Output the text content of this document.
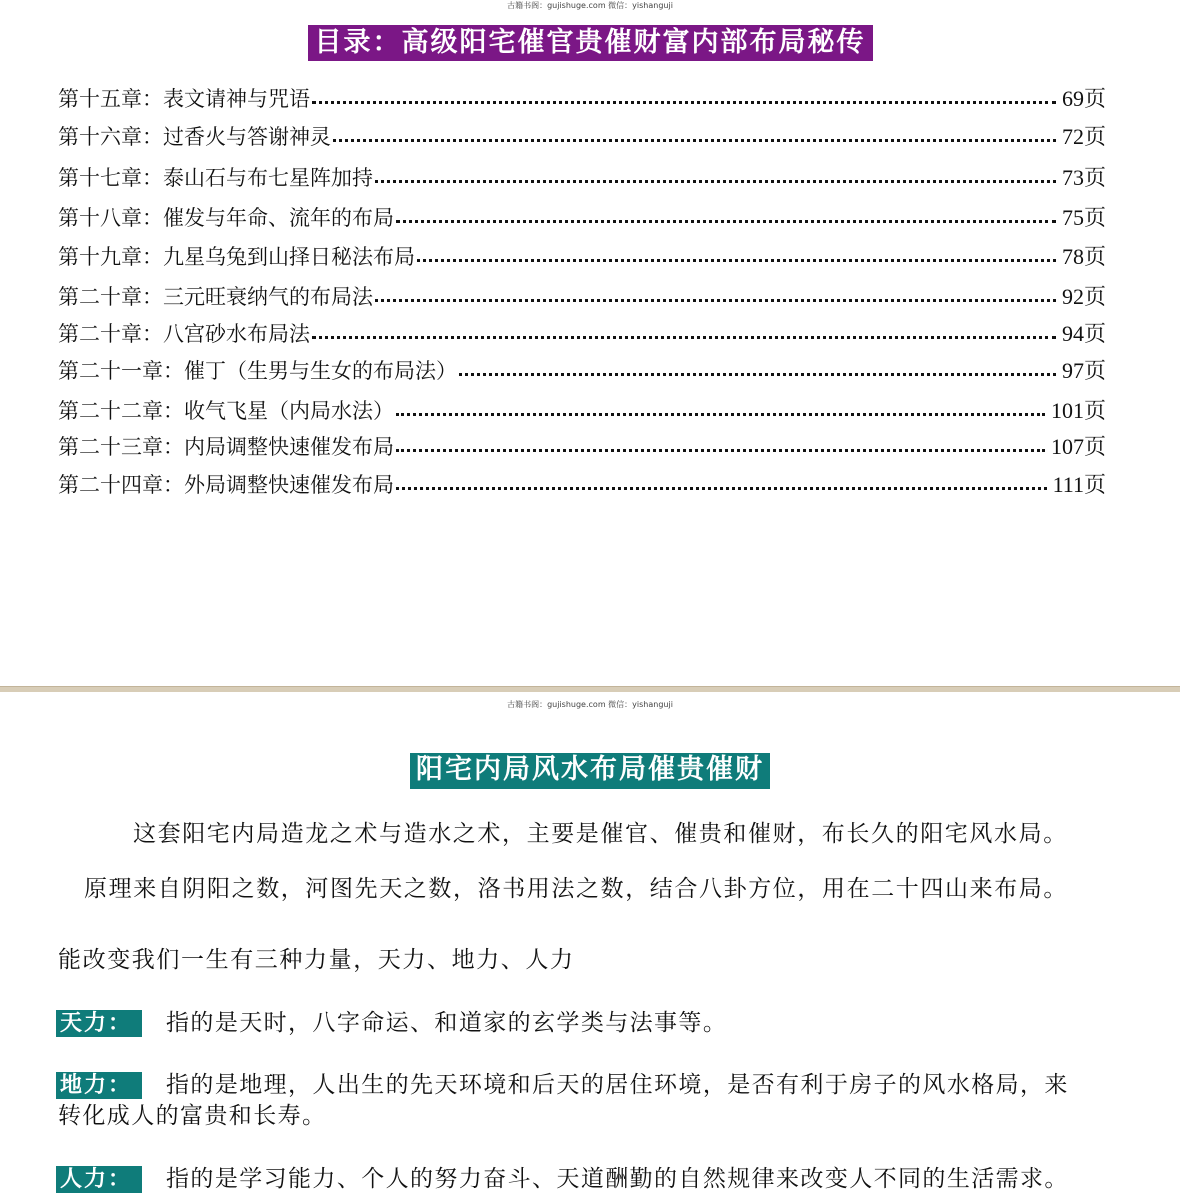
古籍书阁：gujishuge.com 微信：yishanguji
目录：高级阳宅催官贵催财富内部布局秘传
第十五章：表文请神与咒语	69页
第十六章：过香火与答谢神灵	72页
第十七章：泰山石与布七星阵加持	73页
第十八章：催发与年命、流年的布局	75页
第十九章：九星乌兔到山择日秘法布局	78页
第二十章：三元旺衰纳气的布局法	92页
第二十章：八宫砂水布局法	94页
第二十一章：催丁（生男与生女的布局法）	97页
第二十二章：收气飞星（内局水法）	101页
第二十三章：内局调整快速催发布局	107页
第二十四章：外局调整快速催发布局	111页
古籍书阁：gujishuge.com 微信：yishanguji
阳宅内局风水布局催贵催财
这套阳宅内局造龙之术与造水之术，主要是催官、催贵和催财，布长久的阳宅风水局。
原理来自阴阳之数，河图先天之数，洛书用法之数，结合八卦方位，用在二十四山来布局。
能改变我们一生有三种力量，天力、地力、人力
天力： 指的是天时，八字命运、和道家的玄学类与法事等。
地力： 指的是地理，人出生的先天环境和后天的居住环境，是否有利于房子的风水格局，来
转化成人的富贵和长寿。
人力： 指的是学习能力、个人的努力奋斗、天道酬勤的自然规律来改变人不同的生活需求。
